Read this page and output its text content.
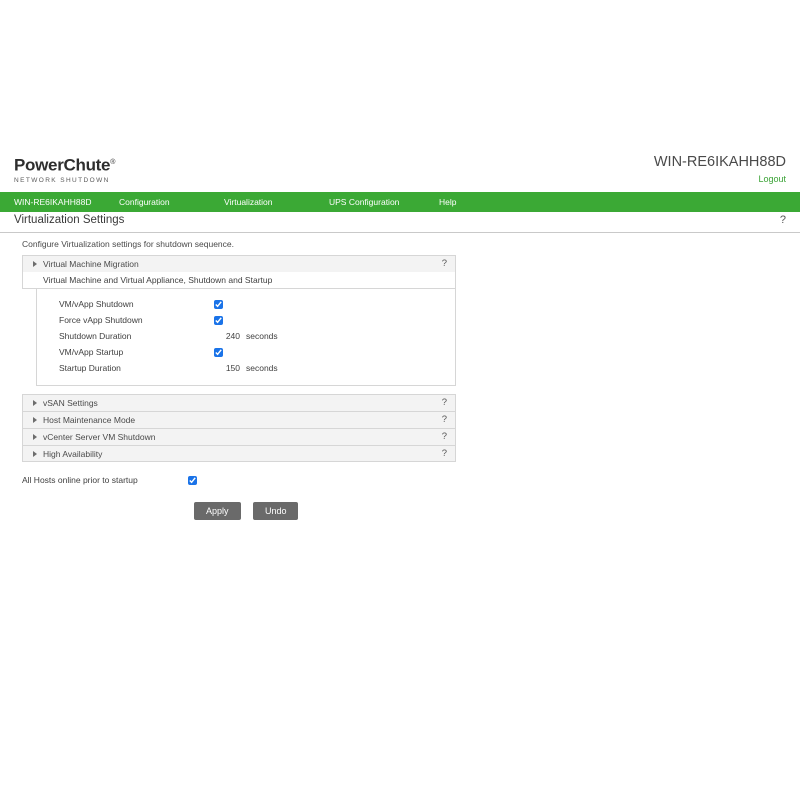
PowerChute®
NETWORK SHUTDOWN
WIN-RE6IKAHH88D
Logout
WIN-RE6IKAHH88D	Configuration	Virtualization	UPS Configuration	Help
Virtualization Settings	?
Configure Virtualization settings for shutdown sequence.
Virtual Machine Migration	?
Virtual Machine and Virtual Appliance, Shutdown and Startup
VM/vApp Shutdown
Force vApp Shutdown
Shutdown Duration	240 seconds
VM/vApp Startup
Startup Duration	150 seconds
vSAN Settings	?
Host Maintenance Mode	?
vCenter Server VM Shutdown	?
High Availability	?
All Hosts online prior to startup
Apply	Undo
